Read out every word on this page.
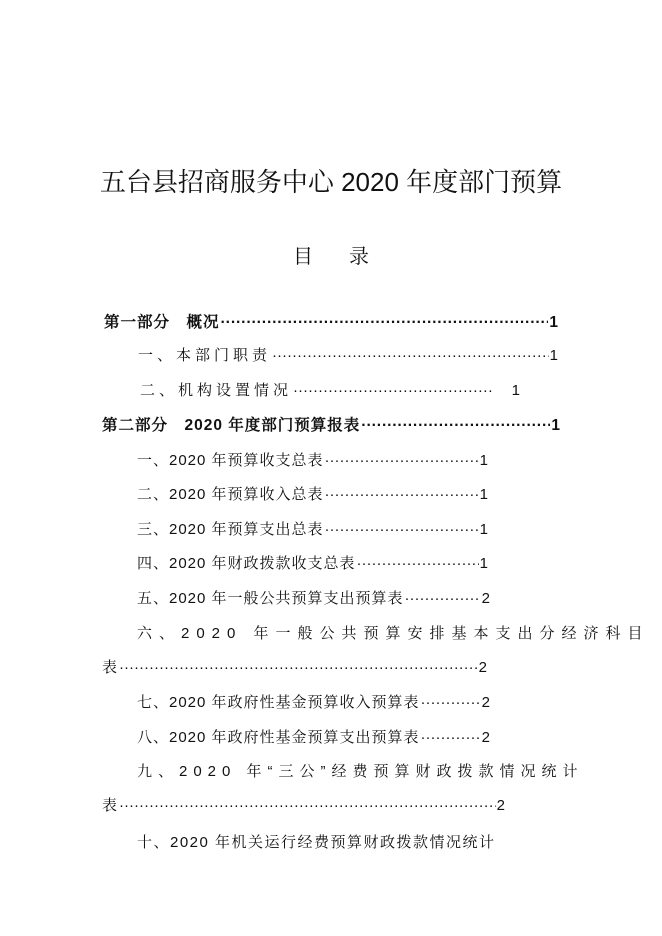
五台县招商服务中心 2020 年度部门预算
目 录
第一部分　概况 ·····	1
一、本部门职责 ·····	1
二、机构设置情况 ·····	1
第二部分　2020 年度部门预算报表 ·····	1
一、2020 年预算收支总表 ·····	1
二、2020 年预算收入总表 ·····	1
三、2020 年预算支出总表 ·····	1
四、2020 年财政拨款收支总表 ·····	1
五、2020 年一般公共预算支出预算表 ·····	2
六、2020 年一般公共预算安排基本支出分经济科目
表 ·····	2
七、2020 年政府性基金预算收入预算表 ·····	2
八、2020 年政府性基金预算支出预算表 ·····	2
九、2020 年“三公”经费预算财政拨款情况统计
表 ·····	2
十、2020 年机关运行经费预算财政拨款情况统计
